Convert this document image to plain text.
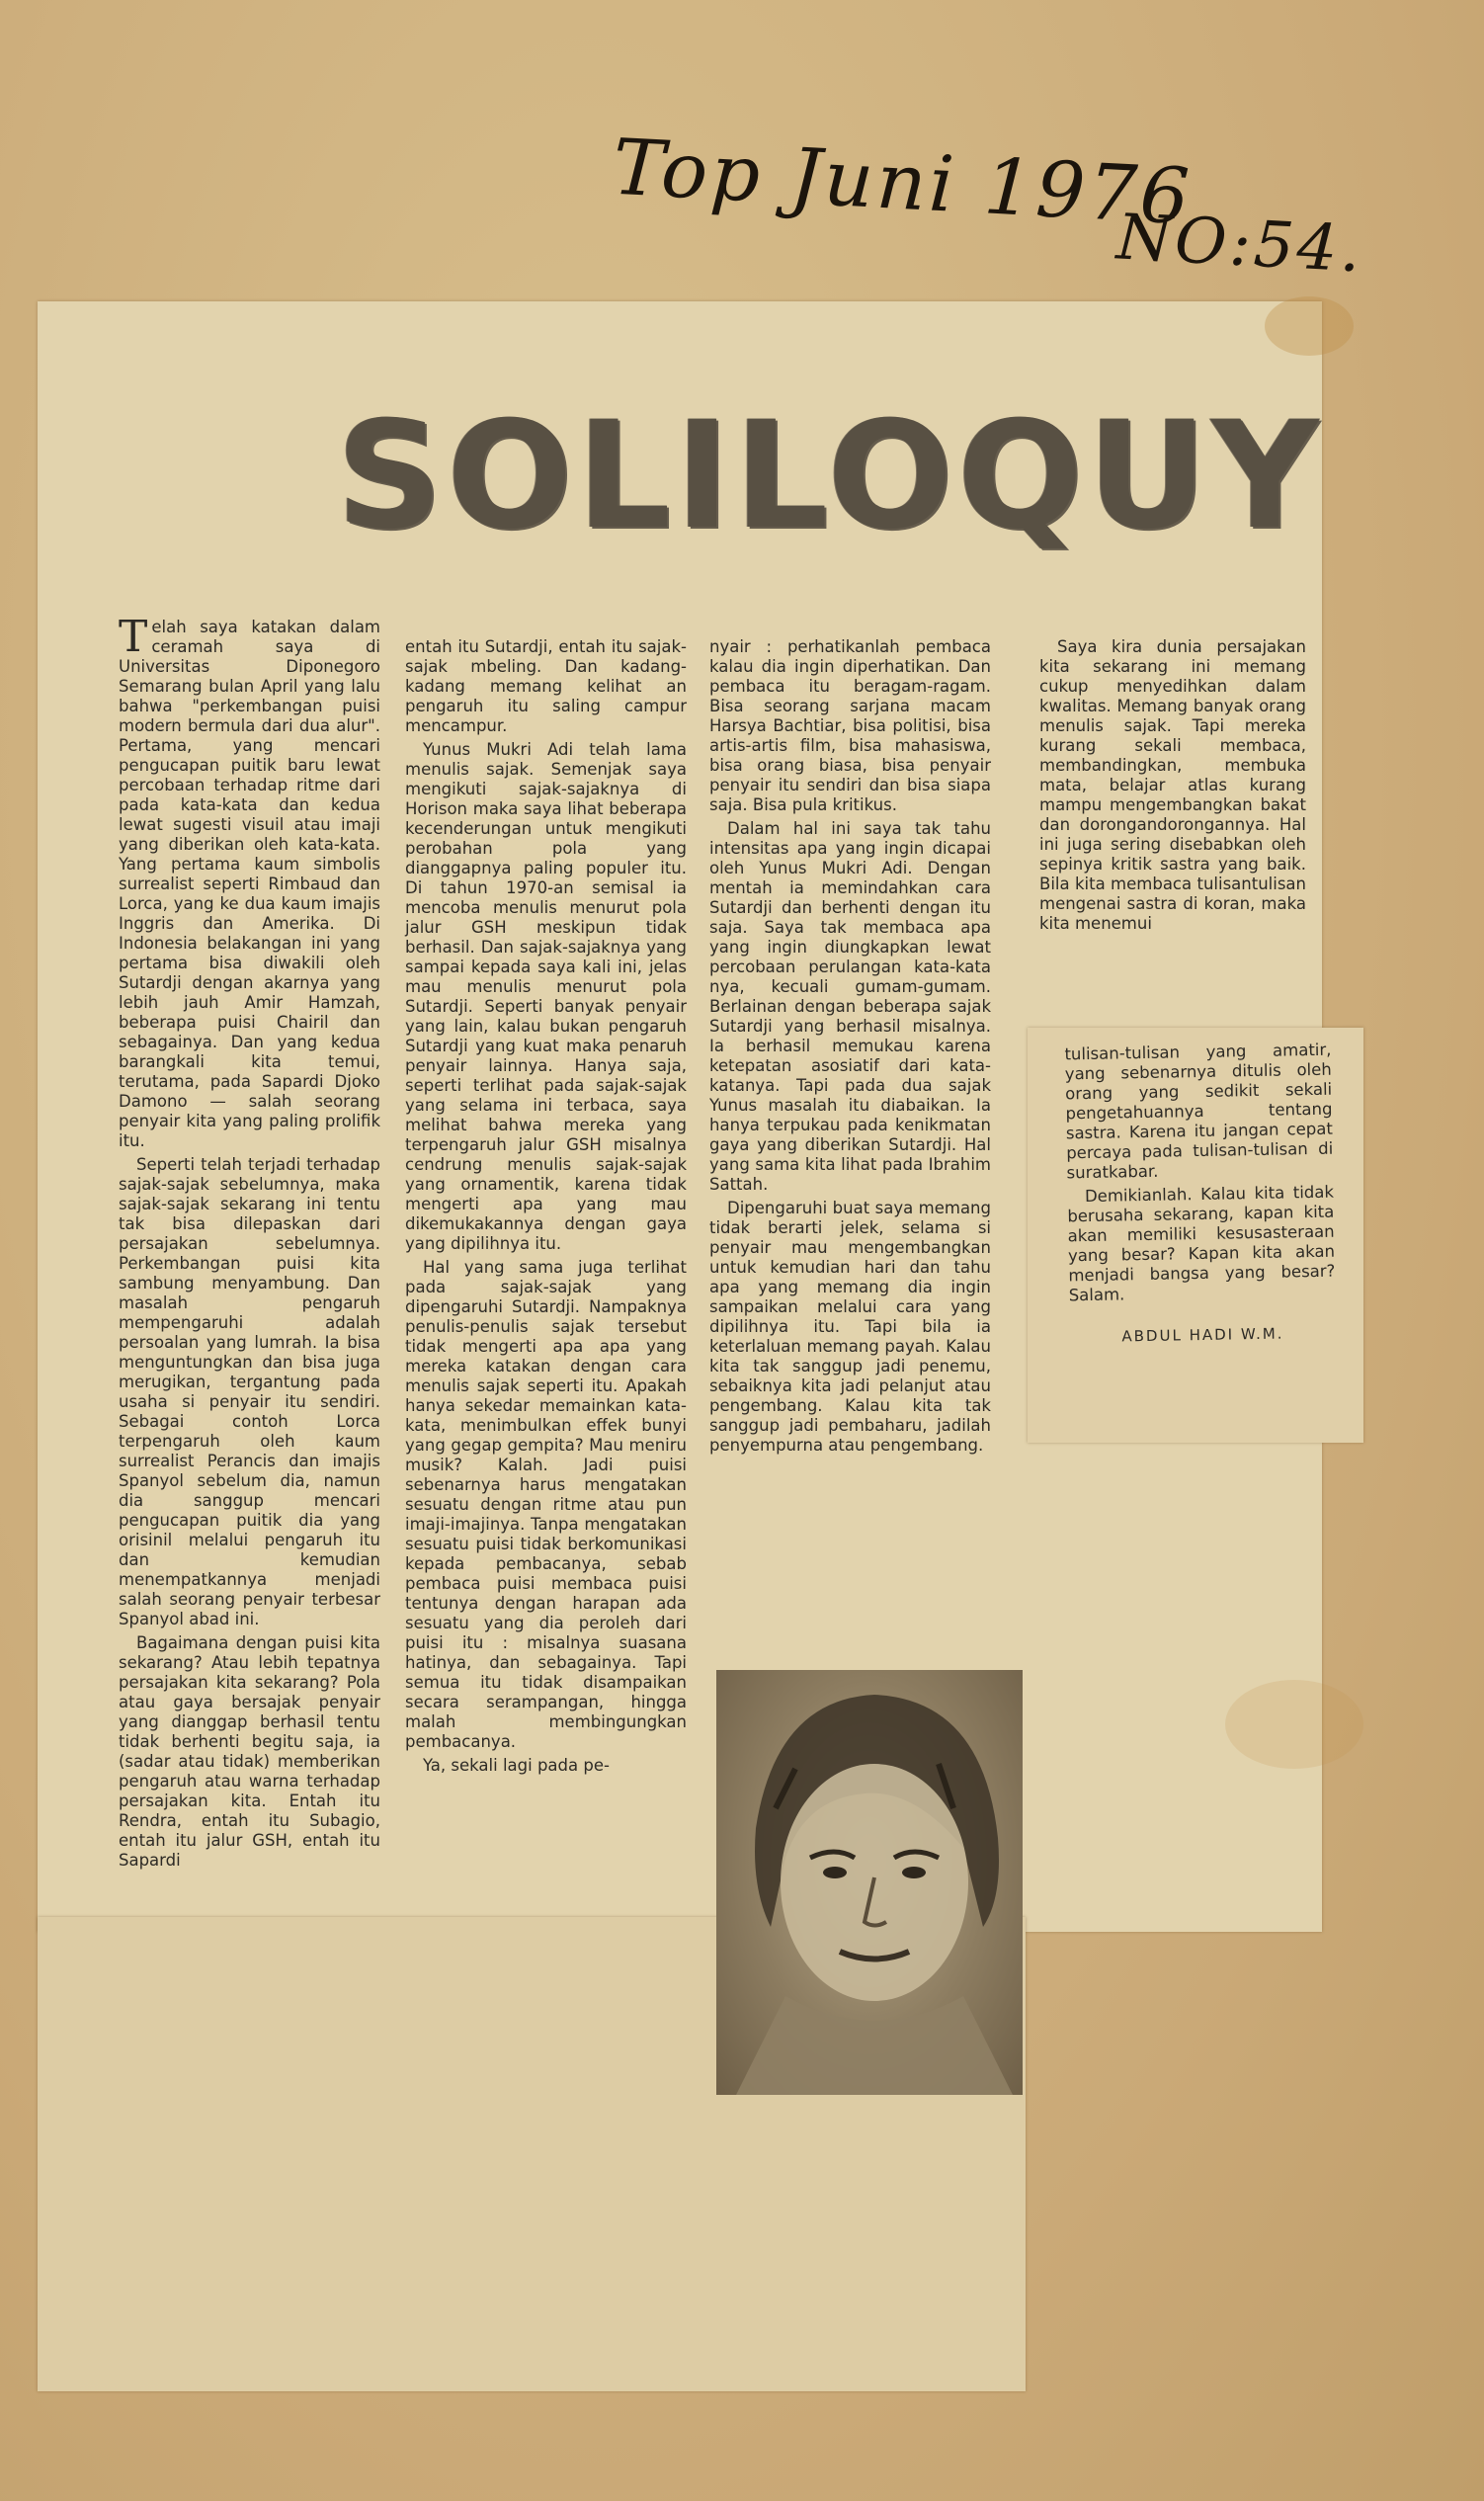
Top Juni 1976
NO:54.
SOLILOQUY

Telah saya katakan dalam ceramah saya di Universitas Diponegoro Semarang bulan April yang lalu bahwa "perkembangan puisi modern bermula dari dua alur". Pertama, yang mencari pengucapan puitik baru lewat percobaan terhadap ritme dari pada kata-kata dan kedua lewat sugesti visuil atau imaji yang diberikan oleh kata-kata. Yang pertama kaum simbolis surrealist seperti Rimbaud dan Lorca, yang ke dua kaum imajis Inggris dan Amerika. Di Indonesia belakangan ini yang pertama bisa diwakili oleh Sutardji dengan akarnya yang lebih jauh Amir Hamzah, beberapa puisi Chairil dan sebagainya. Dan yang kedua barangkali kita temui, terutama, pada Sapardi Djoko Damono — salah seorang penyair kita yang paling prolifik itu.

Seperti telah terjadi terhadap sajak-sajak sebelumnya, maka sajak-sajak sekarang ini tentu tak bisa dilepaskan dari persajakan sebelumnya. Perkembangan puisi kita sambung menyambung. Dan masalah pengaruh mempengaruhi adalah persoalan yang lumrah. Ia bisa menguntungkan dan bisa juga merugikan, tergantung pada usaha si penyair itu sendiri. Sebagai contoh Lorca terpengaruh oleh kaum surrealist Perancis dan imajis Spanyol sebelum dia, namun dia sanggup mencari pengucapan puitik dia yang orisinil melalui pengaruh itu dan kemudian menempatkannya menjadi salah seorang penyair terbesar Spanyol abad ini.

Bagaimana dengan puisi kita sekarang? Atau lebih tepatnya persajakan kita sekarang? Pola atau gaya bersajak penyair yang dianggap berhasil tentu tidak berhenti begitu saja, ia (sadar atau tidak) memberikan pengaruh atau warna terhadap persajakan kita. Entah itu Rendra, entah itu Subagio, entah itu jalur GSH, entah itu Sapardi

entah itu Sutardji, entah itu sajak-sajak mbeling. Dan kadang-kadang memang kelihat an pengaruh itu saling campur mencampur.

Yunus Mukri Adi telah lama menulis sajak. Semenjak saya mengikuti sajak-sajaknya di Horison maka saya lihat beberapa kecenderungan untuk mengikuti perobahan pola yang dianggapnya paling populer itu. Di tahun 1970-an semisal ia mencoba menulis menurut pola jalur GSH meskipun tidak berhasil. Dan sajak-sajaknya yang sampai kepada saya kali ini, jelas mau menulis menurut pola Sutardji. Seperti banyak penyair yang lain, kalau bukan pengaruh Sutardji yang kuat maka penaruh penyair lainnya. Hanya saja, seperti terlihat pada sajak-sajak yang selama ini terbaca, saya melihat bahwa mereka yang terpengaruh jalur GSH misalnya cendrung menulis sajak-sajak yang ornamentik, karena tidak mengerti apa yang mau dikemukakannya dengan gaya yang dipilihnya itu.

Hal yang sama juga terlihat pada sajak-sajak yang dipengaruhi Sutardji. Nampaknya penulis-penulis sajak tersebut tidak mengerti apa apa yang mereka katakan dengan cara menulis sajak seperti itu. Apakah hanya sekedar memainkan kata-kata, menimbulkan effek bunyi yang gegap gempita? Mau meniru musik? Kalah. Jadi puisi sebenarnya harus mengatakan sesuatu dengan ritme atau pun imaji-imajinya. Tanpa mengatakan sesuatu puisi tidak berkomunikasi kepada pembacanya, sebab pembaca puisi membaca puisi tentunya dengan harapan ada sesuatu yang dia peroleh dari puisi itu : misalnya suasana hatinya, dan sebagainya. Tapi semua itu tidak disampaikan secara serampangan, hingga malah membingungkan pembacanya.

Ya, sekali lagi pada pe-

nyair : perhatikanlah pembaca kalau dia ingin diperhatikan. Dan pembaca itu beragam-ragam. Bisa seorang sarjana macam Harsya Bachtiar, bisa politisi, bisa artis-artis film, bisa mahasiswa, bisa orang biasa, bisa penyair penyair itu sendiri dan bisa siapa saja. Bisa pula kritikus.

Dalam hal ini saya tak tahu intensitas apa yang ingin dicapai oleh Yunus Mukri Adi. Dengan mentah ia memindahkan cara Sutardji dan berhenti dengan itu saja. Saya tak membaca apa yang ingin diungkapkan lewat percobaan perulangan kata-kata nya, kecuali gumam-gumam. Berlainan dengan beberapa sajak Sutardji yang berhasil misalnya. Ia berhasil memukau karena ketepatan asosiatif dari kata-katanya. Tapi pada dua sajak Yunus masalah itu diabaikan. Ia hanya terpukau pada kenikmatan gaya yang diberikan Sutardji. Hal yang sama kita lihat pada Ibrahim Sattah.

Dipengaruhi buat saya memang tidak berarti jelek, selama si penyair mau mengembangkan untuk kemudian hari dan tahu apa yang memang dia ingin sampaikan melalui cara yang dipilihnya itu. Tapi bila ia keterlaluan memang payah. Kalau kita tak sanggup jadi penemu, sebaiknya kita jadi pelanjut atau pengembang. Kalau kita tak sanggup jadi pembaharu, jadilah penyempurna atau pengembang.

Saya kira dunia persajakan kita sekarang ini memang cukup menyedihkan dalam kwalitas. Memang banyak orang menulis sajak. Tapi mereka kurang sekali membaca, membandingkan, membuka mata, belajar atlas kurang mampu mengembangkan bakat dan dorongandorongannya. Hal ini juga sering disebabkan oleh sepinya kritik sastra yang baik. Bila kita membaca tulisantulisan mengenai sastra di koran, maka kita menemui

tulisan-tulisan yang amatir, yang sebenarnya ditulis oleh orang yang sedikit sekali pengetahuannya tentang sastra. Karena itu jangan cepat percaya pada tulisan-tulisan di suratkabar.

Demikianlah. Kalau kita tidak berusaha sekarang, kapan kita akan memiliki kesusasteraan yang besar? Kapan kita akan menjadi bangsa yang besar? Salam.

ABDUL HADI W.M.
